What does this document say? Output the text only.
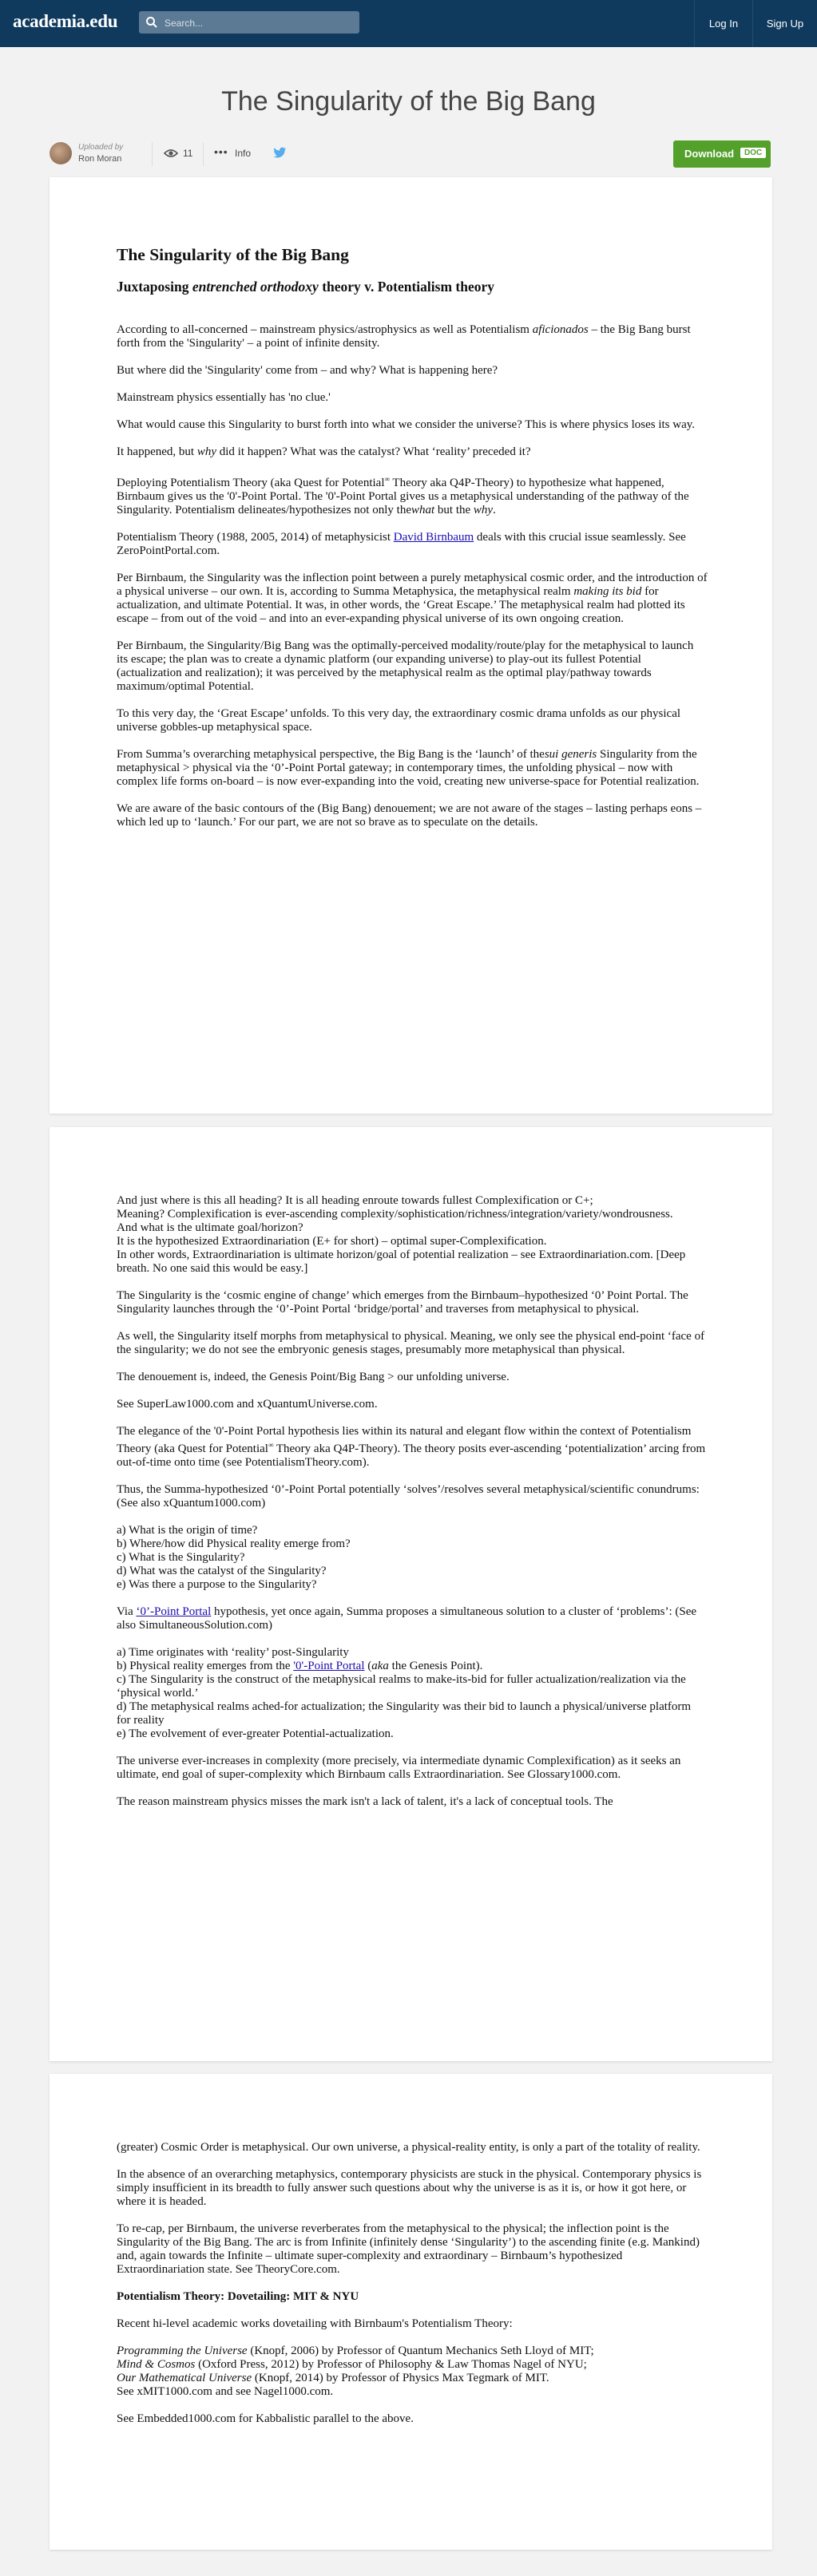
academia.edu
Search...	Log In	Sign Up
The Singularity of the Big Bang
Uploaded by
Ron Moran	11 ••• Info	Download	DOC
The Singularity of the Big Bang
Juxtaposing entrenched orthodoxy theory v. Potentialism theory

According to all-concerned – mainstream physics/astrophysics as well as Potentialism aficionados – the Big Bang burst forth from the 'Singularity' – a point of infinite density.

But where did the 'Singularity' come from – and why? What is happening here?

Mainstream physics essentially has 'no clue.'

What would cause this Singularity to burst forth into what we consider the universe? This is where physics loses its way.

It happened, but why did it happen? What was the catalyst? What ‘reality’ preceded it?

Deploying Potentialism Theory (aka Quest for Potential∞ Theory aka Q4P-Theory) to hypothesize what happened, Birnbaum gives us the '0'-Point Portal. The '0'-Point Portal gives us a metaphysical understanding of the pathway of the Singularity. Potentialism delineates/hypothesizes not only thewhat but the why.

Potentialism Theory (1988, 2005, 2014) of metaphysicist David Birnbaum deals with this crucial issue seamlessly. See ZeroPointPortal.com.

Per Birnbaum, the Singularity was the inflection point between a purely metaphysical cosmic order, and the introduction of a physical universe – our own. It is, according to Summa Metaphysica, the metaphysical realm making its bid for actualization, and ultimate Potential. It was, in other words, the ‘Great Escape.’ The metaphysical realm had plotted its escape – from out of the void – and into an ever-expanding physical universe of its own ongoing creation.

Per Birnbaum, the Singularity/Big Bang was the optimally-perceived modality/route/play for the metaphysical to launch its escape; the plan was to create a dynamic platform (our expanding universe) to play-out its fullest Potential (actualization and realization); it was perceived by the metaphysical realm as the optimal play/pathway towards maximum/optimal Potential.

To this very day, the ‘Great Escape’ unfolds. To this very day, the extraordinary cosmic drama unfolds as our physical universe gobbles-up metaphysical space.

From Summa’s overarching metaphysical perspective, the Big Bang is the ‘launch’ of thesui generis Singularity from the metaphysical > physical via the ‘0’-Point Portal gateway; in contemporary times, the unfolding physical – now with complex life forms on-board – is now ever-expanding into the void, creating new universe-space for Potential realization.

We are aware of the basic contours of the (Big Bang) denouement; we are not aware of the stages – lasting perhaps eons – which led up to ‘launch.’ For our part, we are not so brave as to speculate on the details.

And just where is this all heading? It is all heading enroute towards fullest Complexification or C+;
Meaning? Complexification is ever-ascending complexity/sophistication/richness/integration/variety/wondrousness.
And what is the ultimate goal/horizon?
It is the hypothesized Extraordinariation (E+ for short) – optimal super-Complexification.
In other words, Extraordinariation is ultimate horizon/goal of potential realization – see Extraordinariation.com. [Deep breath. No one said this would be easy.]

The Singularity is the ‘cosmic engine of change’ which emerges from the Birnbaum–hypothesized ‘0’ Point Portal. The Singularity launches through the ‘0’-Point Portal ‘bridge/portal’ and traverses from metaphysical to physical.

As well, the Singularity itself morphs from metaphysical to physical. Meaning, we only see the physical end-point ‘face of the singularity; we do not see the embryonic genesis stages, presumably more metaphysical than physical.

The denouement is, indeed, the Genesis Point/Big Bang > our unfolding universe.

See SuperLaw1000.com and xQuantumUniverse.com.

The elegance of the '0'-Point Portal hypothesis lies within its natural and elegant flow within the context of Potentialism Theory (aka Quest for Potential∞ Theory aka Q4P-Theory). The theory posits ever-ascending ‘potentialization’ arcing from out-of-time onto time (see PotentialismTheory.com).

Thus, the Summa-hypothesized ‘0’-Point Portal potentially ‘solves’/resolves several metaphysical/scientific conundrums: (See also xQuantum1000.com)

a) What is the origin of time?
b) Where/how did Physical reality emerge from?
c) What is the Singularity?
d) What was the catalyst of the Singularity?
e) Was there a purpose to the Singularity?

Via ‘0’-Point Portal hypothesis, yet once again, Summa proposes a simultaneous solution to a cluster of ‘problems’: (See also SimultaneousSolution.com)

a) Time originates with ‘reality’ post-Singularity
b) Physical reality emerges from the '0'-Point Portal (aka the Genesis Point).
c) The Singularity is the construct of the metaphysical realms to make-its-bid for fuller actualization/realization via the ‘physical world.’
d) The metaphysical realms ached-for actualization; the Singularity was their bid to launch a physical/universe platform for reality
e) The evolvement of ever-greater Potential-actualization.

The universe ever-increases in complexity (more precisely, via intermediate dynamic Complexification) as it seeks an ultimate, end goal of super-complexity which Birnbaum calls Extraordinariation. See Glossary1000.com.

The reason mainstream physics misses the mark isn't a lack of talent, it's a lack of conceptual tools. The

(greater) Cosmic Order is metaphysical. Our own universe, a physical-reality entity, is only a part of the totality of reality.

In the absence of an overarching metaphysics, contemporary physicists are stuck in the physical. Contemporary physics is simply insufficient in its breadth to fully answer such questions about why the universe is as it is, or how it got here, or where it is headed.

To re-cap, per Birnbaum, the universe reverberates from the metaphysical to the physical; the inflection point is the Singularity of the Big Bang. The arc is from Infinite (infinitely dense ‘Singularity’) to the ascending finite (e.g. Mankind) and, again towards the Infinite – ultimate super-complexity and extraordinary – Birnbaum’s hypothesized Extraordinariation state. See TheoryCore.com.

Potentialism Theory: Dovetailing: MIT & NYU

Recent hi-level academic works dovetailing with Birnbaum's Potentialism Theory:

Programming the Universe (Knopf, 2006) by Professor of Quantum Mechanics Seth Lloyd of MIT;
Mind & Cosmos (Oxford Press, 2012) by Professor of Philosophy & Law Thomas Nagel of NYU;
Our Mathematical Universe (Knopf, 2014) by Professor of Physics Max Tegmark of MIT.
See xMIT1000.com and see Nagel1000.com.

See Embedded1000.com for Kabbalistic parallel to the above.
